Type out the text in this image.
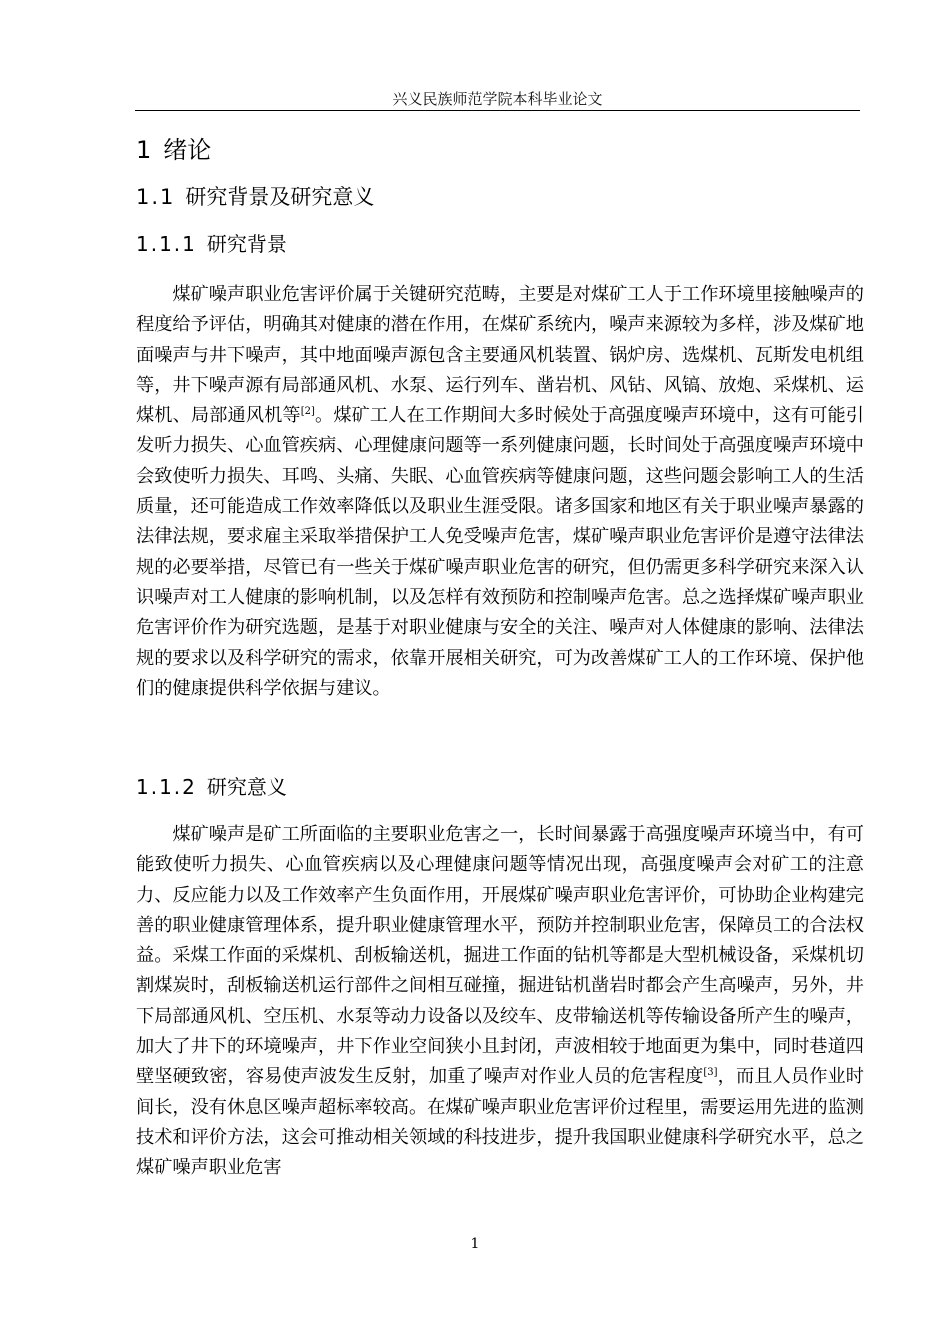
兴义民族师范学院本科毕业论文
1 绪论
1.1 研究背景及研究意义
1.1.1 研究背景

煤矿噪声职业危害评价属于关键研究范畴，主要是对煤矿工人于工作环境里接触噪声的程度给予评估，明确其对健康的潜在作用，在煤矿系统内，噪声来源较为多样，涉及煤矿地面噪声与井下噪声，其中地面噪声源包含主要通风机装置、锅炉房、选煤机、瓦斯发电机组等，井下噪声源有局部通风机、水泵、运行列车、凿岩机、风钻、风镐、放炮、采煤机、运煤机、局部通风机等[2]。煤矿工人在工作期间大多时候处于高强度噪声环境中，这有可能引发听力损失、心血管疾病、心理健康问题等一系列健康问题，长时间处于高强度噪声环境中会致使听力损失、耳鸣、头痛、失眠、心血管疾病等健康问题，这些问题会影响工人的生活质量，还可能造成工作效率降低以及职业生涯受限。诸多国家和地区有关于职业噪声暴露的法律法规，要求雇主采取举措保护工人免受噪声危害，煤矿噪声职业危害评价是遵守法律法规的必要举措，尽管已有一些关于煤矿噪声职业危害的研究，但仍需更多科学研究来深入认识噪声对工人健康的影响机制，以及怎样有效预防和控制噪声危害。总之选择煤矿噪声职业危害评价作为研究选题，是基于对职业健康与安全的关注、噪声对人体健康的影响、法律法规的要求以及科学研究的需求，依靠开展相关研究，可为改善煤矿工人的工作环境、保护他们的健康提供科学依据与建议。

1.1.2 研究意义

煤矿噪声是矿工所面临的主要职业危害之一，长时间暴露于高强度噪声环境当中，有可能致使听力损失、心血管疾病以及心理健康问题等情况出现，高强度噪声会对矿工的注意力、反应能力以及工作效率产生负面作用，开展煤矿噪声职业危害评价，可协助企业构建完善的职业健康管理体系，提升职业健康管理水平，预防并控制职业危害，保障员工的合法权益。采煤工作面的采煤机、刮板输送机，掘进工作面的钻机等都是大型机械设备，采煤机切割煤炭时，刮板输送机运行部件之间相互碰撞，掘进钻机凿岩时都会产生高噪声，另外，井下局部通风机、空压机、水泵等动力设备以及绞车、皮带输送机等传输设备所产生的噪声，加大了井下的环境噪声，井下作业空间狭小且封闭，声波相较于地面更为集中，同时巷道四壁坚硬致密，容易使声波发生反射，加重了噪声对作业人员的危害程度[3]，而且人员作业时间长，没有休息区噪声超标率较高。在煤矿噪声职业危害评价过程里，需要运用先进的监测技术和评价方法，这会可推动相关领域的科技进步，提升我国职业健康科学研究水平，总之煤矿噪声职业危害

1
